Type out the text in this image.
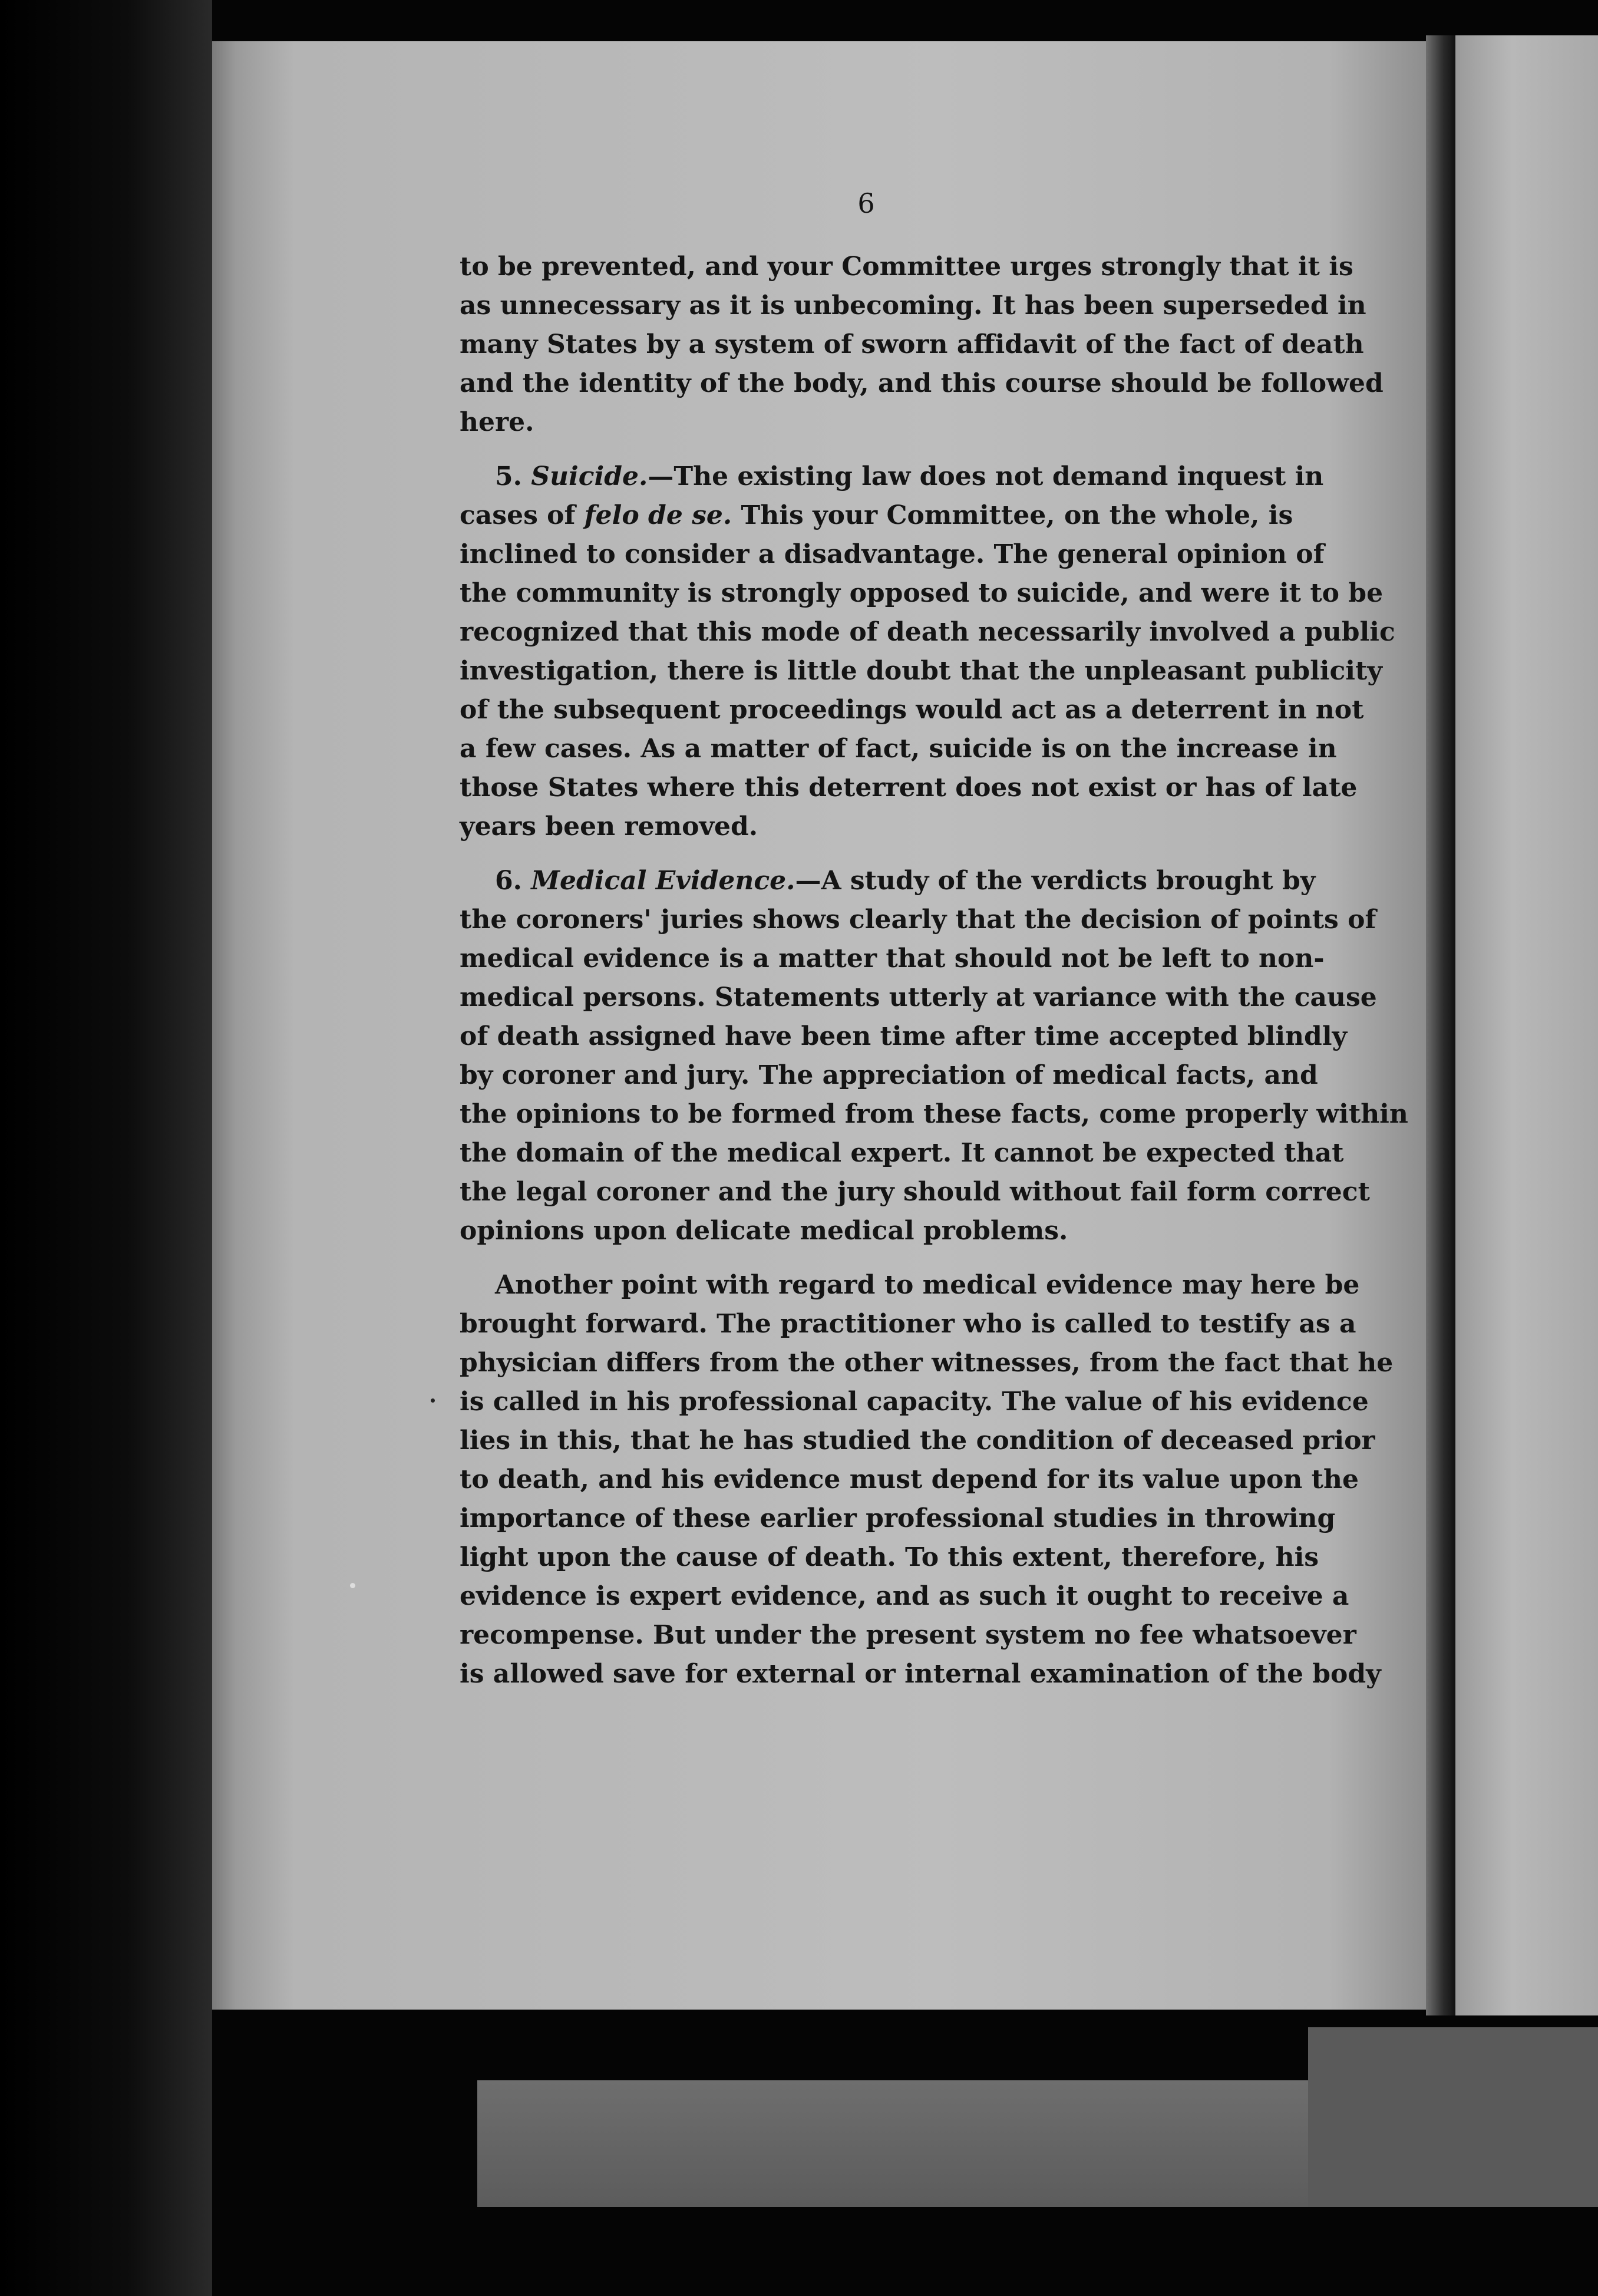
6
to be prevented, and your Committee urges strongly that it is
as unnecessary as it is unbecoming. It has been superseded in
many States by a system of sworn affidavit of the fact of death
and the identity of the body, and this course should be followed
here.
5. Suicide.—The existing law does not demand inquest in
cases of felo de se. This your Committee, on the whole, is
inclined to consider a disadvantage. The general opinion of
the community is strongly opposed to suicide, and were it to be
recognized that this mode of death necessarily involved a public
investigation, there is little doubt that the unpleasant publicity
of the subsequent proceedings would act as a deterrent in not
a few cases. As a matter of fact, suicide is on the increase in
those States where this deterrent does not exist or has of late
years been removed.
6. Medical Evidence.—A study of the verdicts brought by
the coroners' juries shows clearly that the decision of points of
medical evidence is a matter that should not be left to non-
medical persons. Statements utterly at variance with the cause
of death assigned have been time after time accepted blindly
by coroner and jury. The appreciation of medical facts, and
the opinions to be formed from these facts, come properly within
the domain of the medical expert. It cannot be expected that
the legal coroner and the jury should without fail form correct
opinions upon delicate medical problems.
Another point with regard to medical evidence may here be
brought forward. The practitioner who is called to testify as a
physician differs from the other witnesses, from the fact that he
is called in his professional capacity. The value of his evidence
lies in this, that he has studied the condition of deceased prior
to death, and his evidence must depend for its value upon the
importance of these earlier professional studies in throwing
light upon the cause of death. To this extent, therefore, his
evidence is expert evidence, and as such it ought to receive a
recompense. But under the present system no fee whatsoever
is allowed save for external or internal examination of the body
